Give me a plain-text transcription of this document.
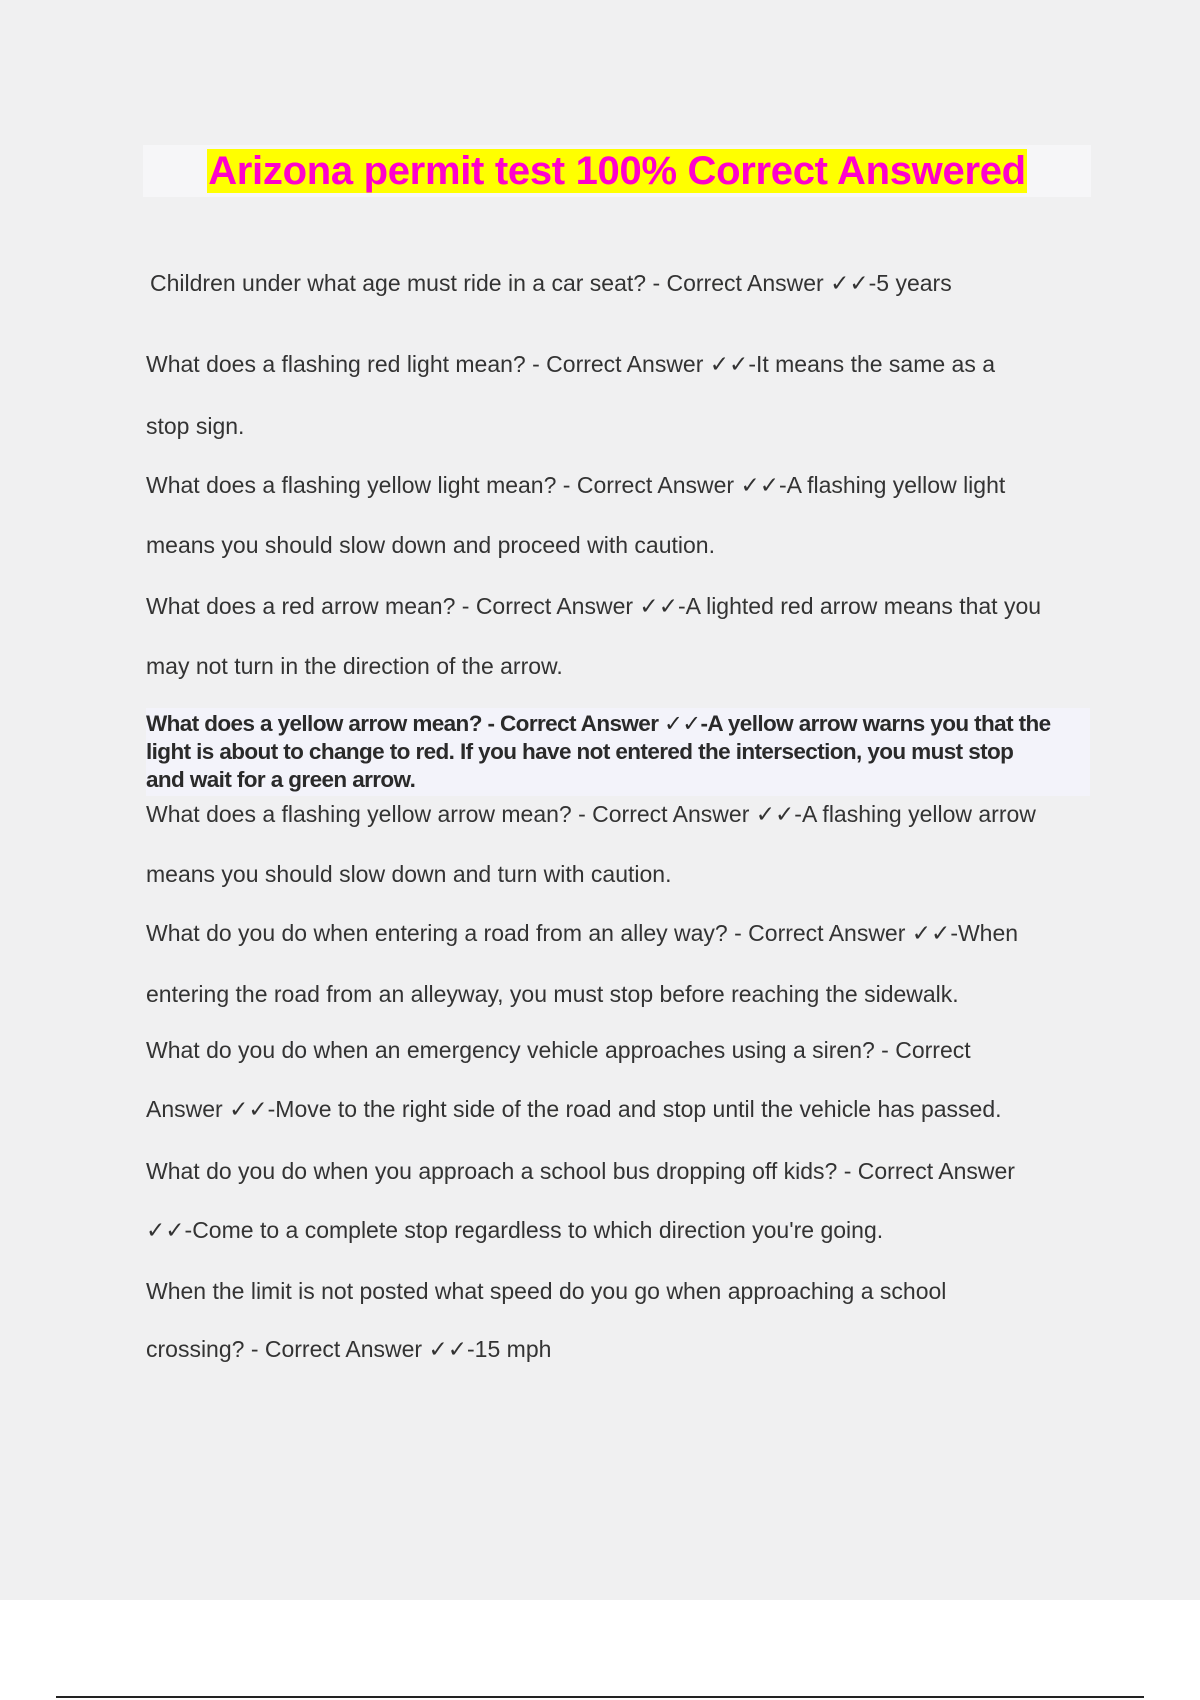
Arizona permit test 100% Correct Answered
Children under what age must ride in a car seat? - Correct Answer ✓✓-5 years
What does a flashing red light mean? - Correct Answer ✓✓-It means the same as a
stop sign.
What does a flashing yellow light mean? - Correct Answer ✓✓-A flashing yellow light
means you should slow down and proceed with caution.
What does a red arrow mean? - Correct Answer ✓✓-A lighted red arrow means that you
may not turn in the direction of the arrow.
What does a yellow arrow mean? - Correct Answer ✓✓-A yellow arrow warns you that the
light is about to change to red. If you have not entered the intersection, you must stop
and wait for a green arrow.
What does a flashing yellow arrow mean? - Correct Answer ✓✓-A flashing yellow arrow
means you should slow down and turn with caution.
What do you do when entering a road from an alley way? - Correct Answer ✓✓-When
entering the road from an alleyway, you must stop before reaching the sidewalk.
What do you do when an emergency vehicle approaches using a siren? - Correct
Answer ✓✓-Move to the right side of the road and stop until the vehicle has passed.
What do you do when you approach a school bus dropping off kids? - Correct Answer
✓✓-Come to a complete stop regardless to which direction you're going.
When the limit is not posted what speed do you go when approaching a school
crossing? - Correct Answer ✓✓-15 mph
